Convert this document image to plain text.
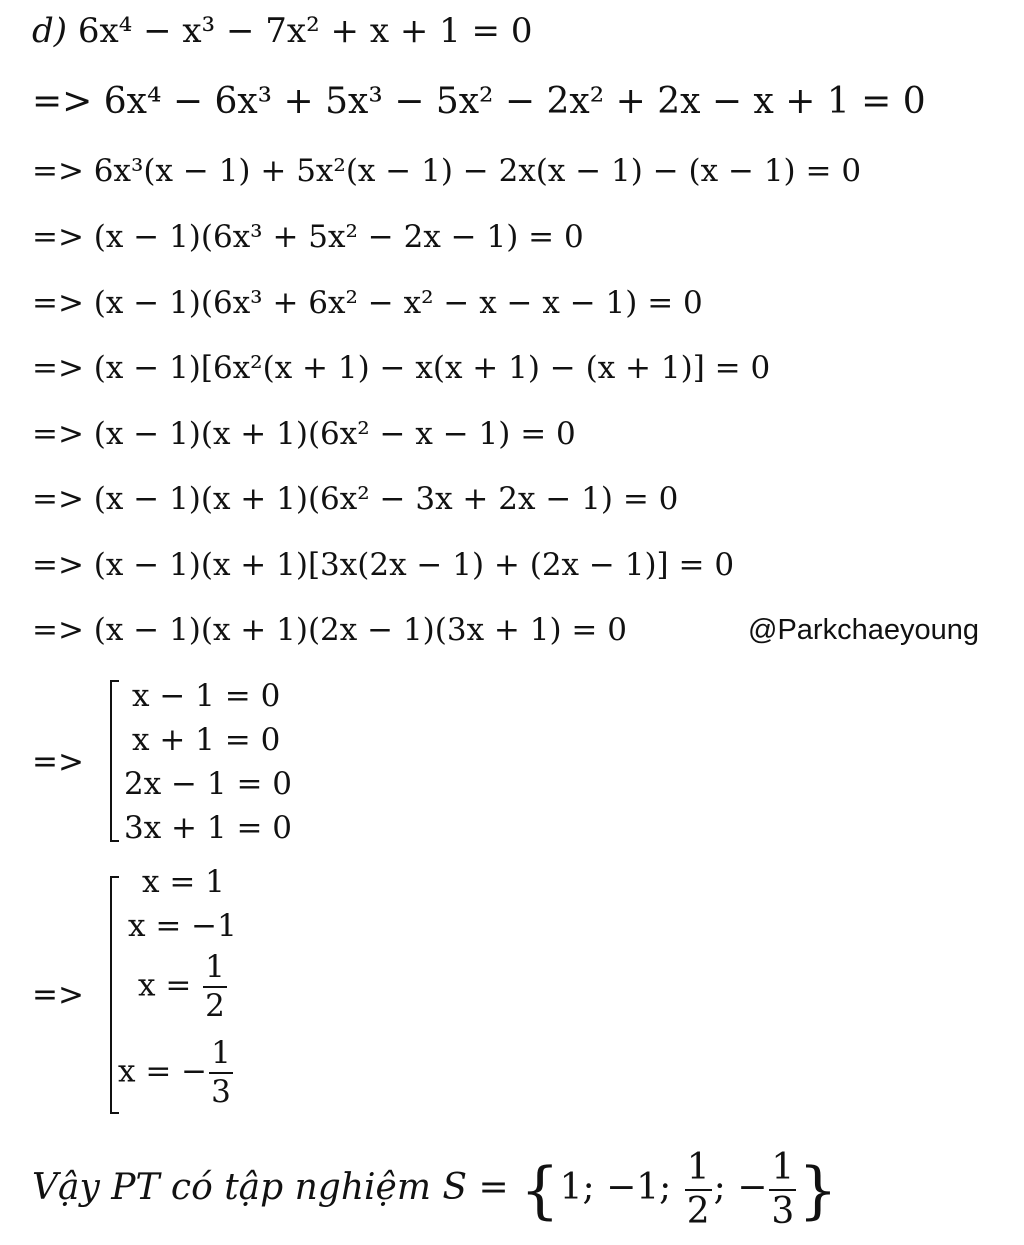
d) 6x⁴ − x³ − 7x² + x + 1 = 0
=> 6x⁴ − 6x³ + 5x³ − 5x² − 2x² + 2x − x + 1 = 0
=> 6x³(x − 1) + 5x²(x − 1) − 2x(x − 1) − (x − 1) = 0
=> (x − 1)(6x³ + 5x² − 2x − 1) = 0
=> (x − 1)(6x³ + 6x² − x² − x − x − 1) = 0
=> (x − 1)[6x²(x + 1) − x(x + 1) − (x + 1)] = 0
=> (x − 1)(x + 1)(6x² − x − 1) = 0
=> (x − 1)(x + 1)(6x² − 3x + 2x − 1) = 0
=> (x − 1)(x + 1)[3x(2x − 1) + (2x − 1)] = 0
=> (x − 1)(x + 1)(2x − 1)(3x + 1) = 0	@Parkchaeyoung
=>
x − 1 = 0
x + 1 = 0
2x − 1 = 0
3x + 1 = 0
=>
x = 1
x = −1
$x = \frac{1}{2}$
x = − $\frac{1}{3}$
Vậy PT có tập nghiệm S = {1; −1; $\frac{1}{2}$ ; − $\frac{1}{3}$ }
